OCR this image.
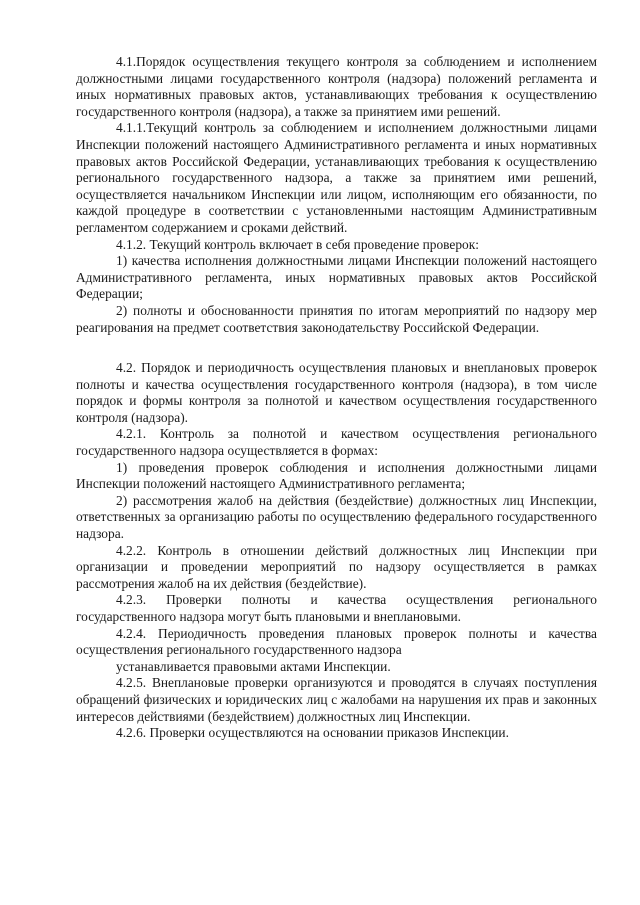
4.1.Порядок осуществления текущего контроля за соблюдением и исполнением должностными лицами государственного контроля (надзора) положений регламента и иных нормативных правовых актов, устанавливающих требования к осуществлению государственного контроля (надзора), а также за принятием ими решений.

4.1.1.Текущий контроль за соблюдением и исполнением должностными лицами Инспекции положений настоящего Административного регламента и иных нормативных правовых актов Российской Федерации, устанавливающих требования к осуществлению регионального государственного надзора, а также за принятием ими решений, осуществляется начальником Инспекции или лицом, исполняющим его обязанности, по каждой процедуре в соответствии с установленными настоящим Административным регламентом содержанием и сроками действий.

4.1.2. Текущий контроль включает в себя проведение проверок:

1) качества исполнения должностными лицами Инспекции положений настоящего Административного регламента, иных нормативных правовых актов Российской Федерации;

2) полноты и обоснованности принятия по итогам мероприятий по надзору мер реагирования на предмет соответствия законодательству Российской Федерации.

4.2. Порядок и периодичность осуществления плановых и внеплановых проверок полноты и качества осуществления государственного контроля (надзора), в том числе порядок и формы контроля за полнотой и качеством осуществления государственного контроля (надзора).

4.2.1. Контроль за полнотой и качеством осуществления регионального государственного надзора осуществляется в формах:

1) проведения проверок соблюдения и исполнения должностными лицами Инспекции положений настоящего Административного регламента;

2) рассмотрения жалоб на действия (бездействие) должностных лиц Инспекции, ответственных за организацию работы по осуществлению федерального государственного надзора.

4.2.2. Контроль в отношении действий должностных лиц Инспекции при организации и проведении мероприятий по надзору осуществляется в рамках рассмотрения жалоб на их действия (бездействие).

4.2.3. Проверки полноты и качества осуществления регионального государственного надзора могут быть плановыми и внеплановыми.

4.2.4. Периодичность проведения плановых проверок полноты и качества осуществления регионального государственного надзора

устанавливается правовыми актами Инспекции.

4.2.5. Внеплановые проверки организуются и проводятся в случаях поступления обращений физических и юридических лиц с жалобами на нарушения их прав и законных интересов действиями (бездействием) должностных лиц Инспекции.

4.2.6. Проверки осуществляются на основании приказов Инспекции.
